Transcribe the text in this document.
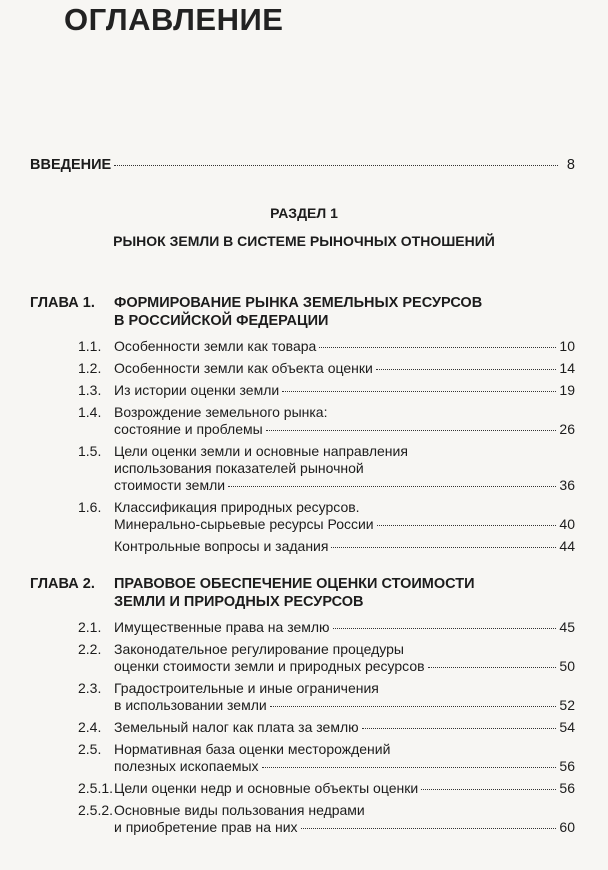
ОГЛАВЛЕНИЕ
ВВЕДЕНИЕ	8
РАЗДЕЛ 1
РЫНОК ЗЕМЛИ В СИСТЕМЕ РЫНОЧНЫХ ОТНОШЕНИЙ
ГЛАВА 1.	ФОРМИРОВАНИЕ РЫНКА ЗЕМЕЛЬНЫХ РЕСУРСОВ
В РОССИЙСКОЙ ФЕДЕРАЦИИ
1.1. Особенности земли как товара	10
1.2. Особенности земли как объекта оценки	14
1.3. Из истории оценки земли	19
1.4. Возрождение земельного рынка:
состояние и проблемы	26
1.5. Цели оценки земли и основные направления
использования показателей рыночной
стоимости земли	36
1.6. Классификация природных ресурсов.
Минерально-сырьевые ресурсы России	40
Контрольные вопросы и задания	44
ГЛАВА 2.	ПРАВОВОЕ ОБЕСПЕЧЕНИЕ ОЦЕНКИ СТОИМОСТИ
ЗЕМЛИ И ПРИРОДНЫХ РЕСУРСОВ
2.1. Имущественные права на землю	45
2.2. Законодательное регулирование процедуры
оценки стоимости земли и природных ресурсов	50
2.3. Градостроительные и иные ограничения
в использовании земли	52
2.4. Земельный налог как плата за землю	54
2.5. Нормативная база оценки месторождений
полезных ископаемых	56
2.5.1. Цели оценки недр и основные объекты оценки	56
2.5.2. Основные виды пользования недрами
и приобретение прав на них	60
